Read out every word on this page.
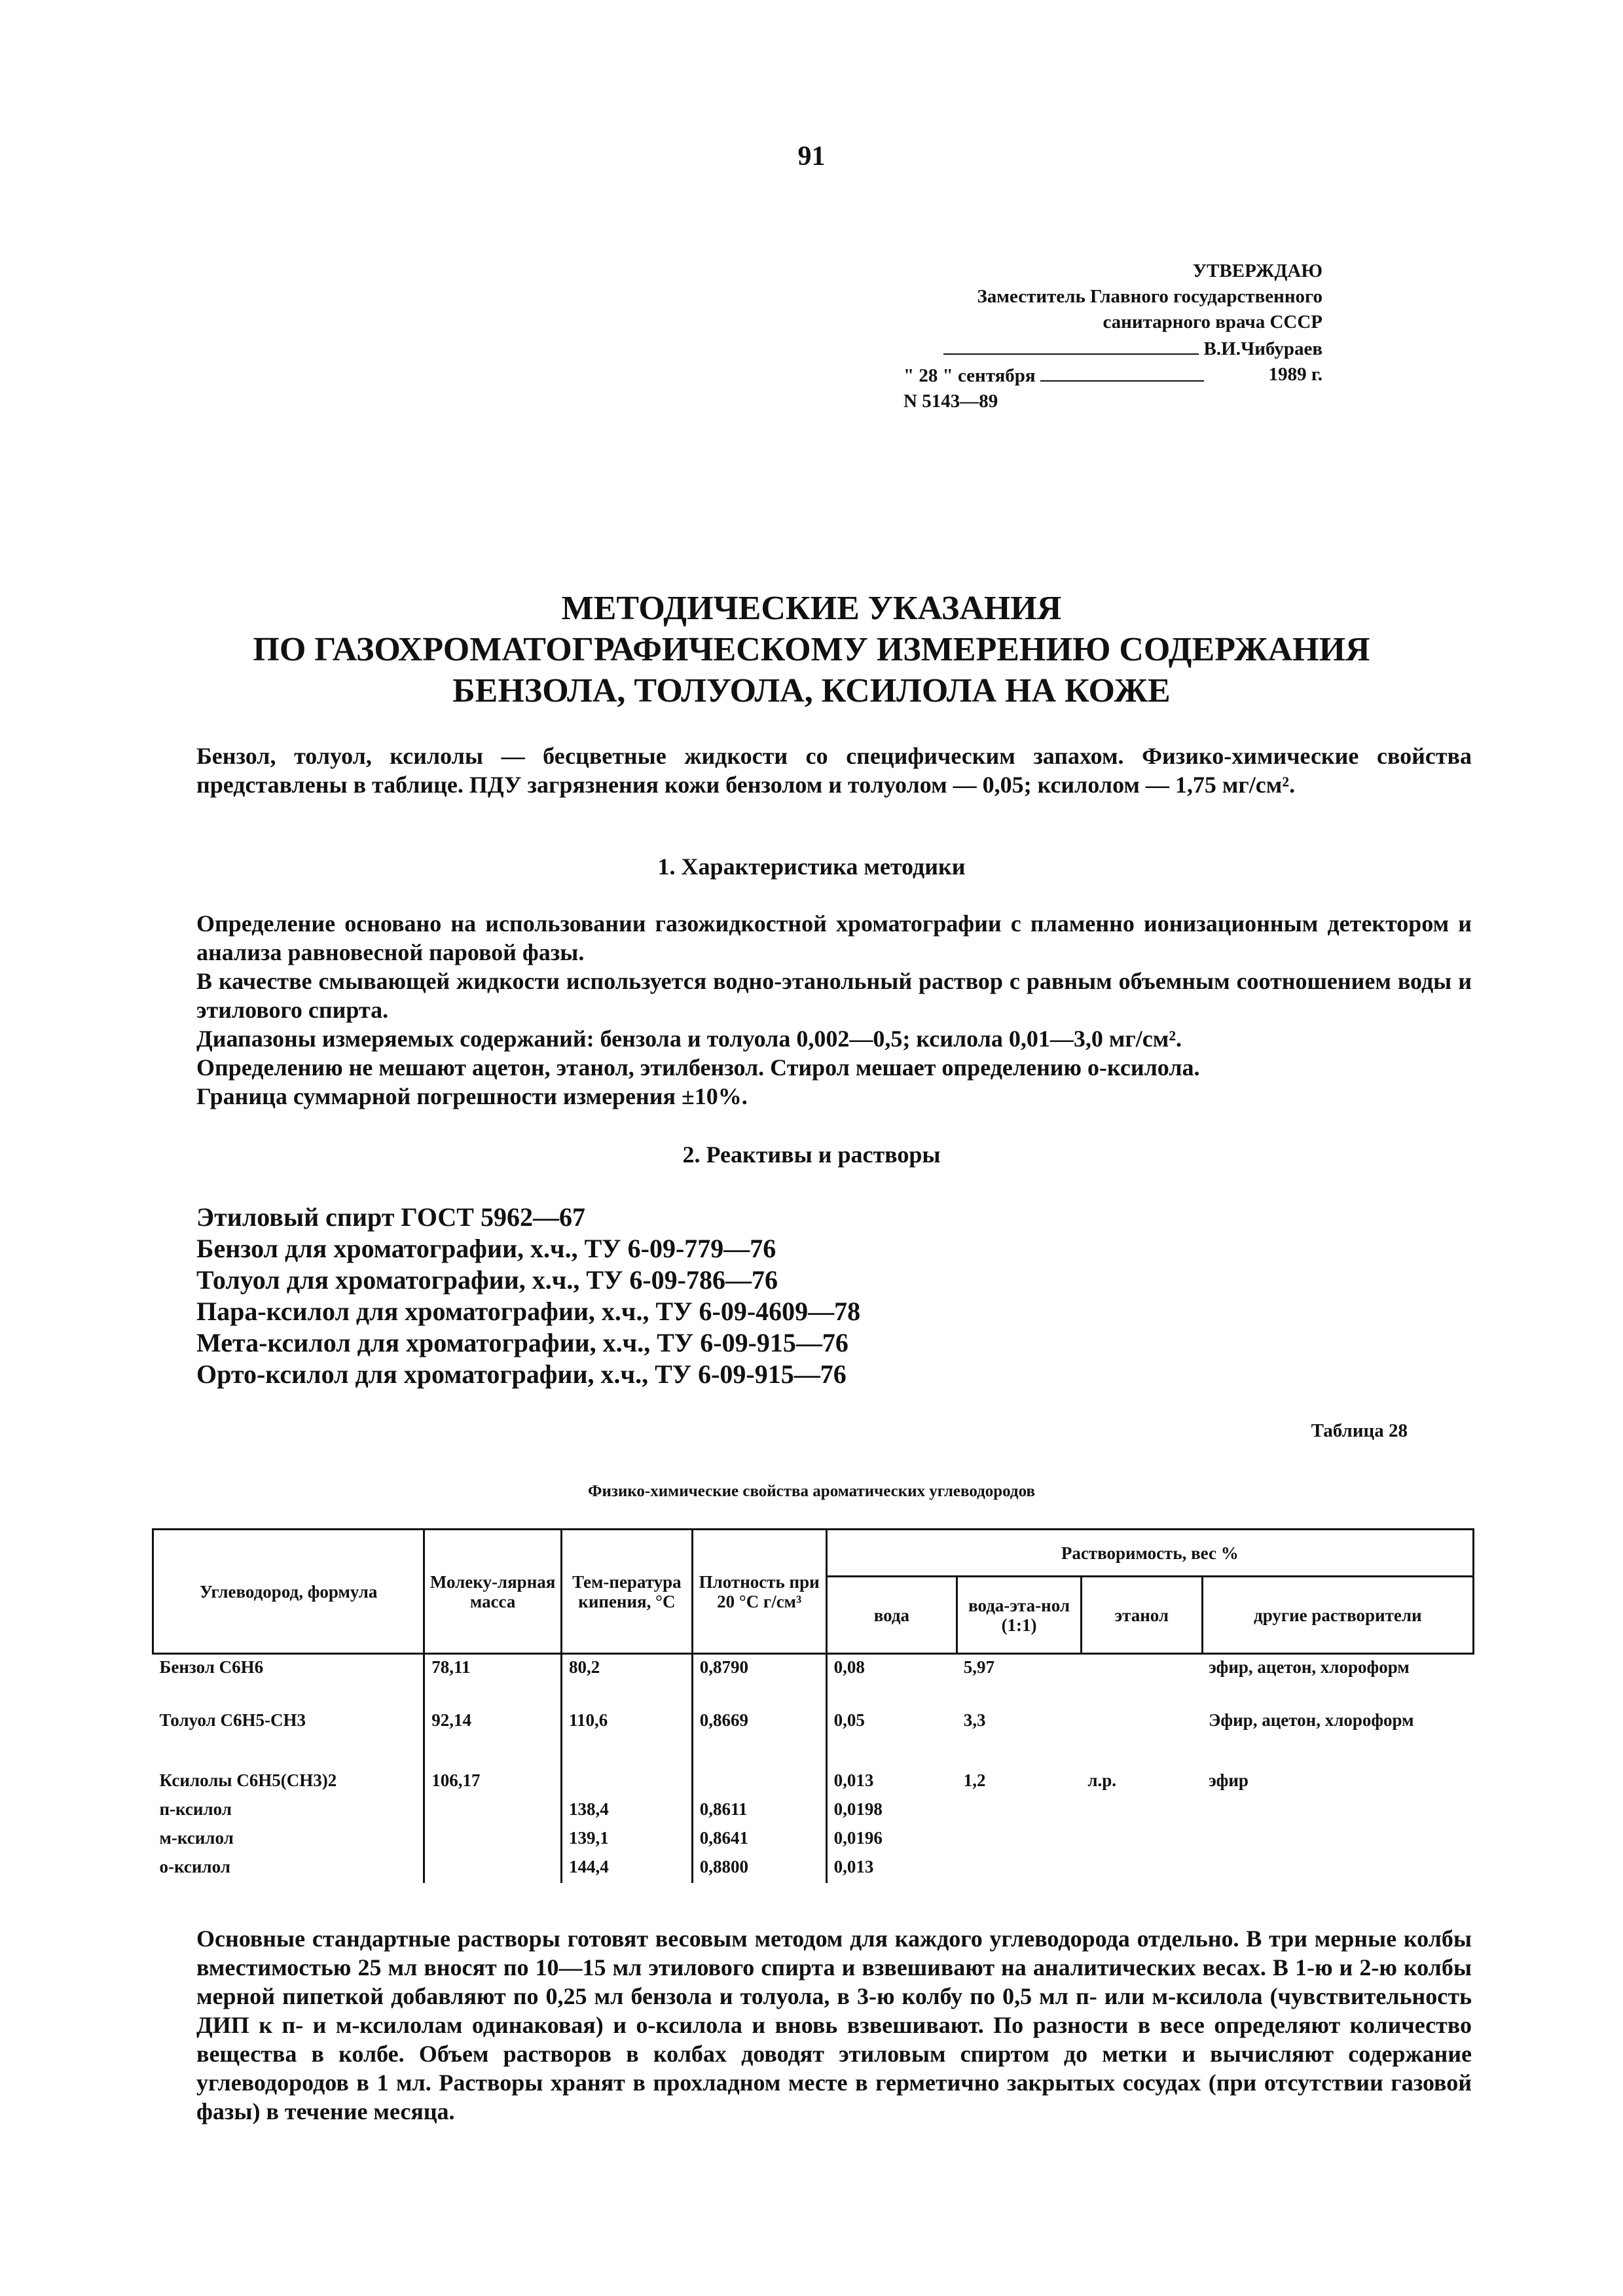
91
УТВЕРЖДАЮ
Заместитель Главного государственного
санитарного врача СССР
В.И.Чибураев
" 28 " сентября	1989 г.
N 5143—89
МЕТОДИЧЕСКИЕ УКАЗАНИЯ
ПО ГАЗОХРОМАТОГРАФИЧЕСКОМУ ИЗМЕРЕНИЮ СОДЕРЖАНИЯ
БЕНЗОЛА, ТОЛУОЛА, КСИЛОЛА НА КОЖЕ

Бензол, толуол, ксилолы — бесцветные жидкости со специфическим запахом. Физико-химические свойства представлены в таблице. ПДУ загрязнения кожи бензолом и толуолом — 0,05; ксилолом — 1,75 мг/см².

1. Характеристика методики

Определение основано на использовании газожидкостной хроматографии с пламенно ионизационным детектором и анализа равновесной паровой фазы.

В качестве смывающей жидкости используется водно-этанольный раствор с равным объемным соотношением воды и этилового спирта.

Диапазоны измеряемых содержаний: бензола и толуола 0,002—0,5; ксилола 0,01—3,0 мг/см².

Определению не мешают ацетон, этанол, этилбензол. Стирол мешает определению о-ксилола.

Граница суммарной погрешности измерения ±10%.

2. Реактивы и растворы
Этиловый спирт ГОСТ 5962—67
Бензол для хроматографии, х.ч., ТУ 6-09-779—76
Толуол для хроматографии, х.ч., ТУ 6-09-786—76
Пара-ксилол для хроматографии, х.ч., ТУ 6-09-4609—78
Мета-ксилол для хроматографии, х.ч., ТУ 6-09-915—76
Орто-ксилол для хроматографии, х.ч., ТУ 6-09-915—76
Таблица 28
Физико-химические свойства ароматических углеводородов
Углеводород, формула	Молеку-лярная масса	Тем-пература кипения, °С	Плотность при 20 °С г/см³	Растворимость, вес %			
				вода	вода-эта-нол (1:1)	этанол	другие растворители
Бензол С6Н6	78,11	80,2	0,8790	0,08	5,97		эфир, ацетон, хлороформ
Толуол С6Н5-СН3	92,14	110,6	0,8669	0,05	3,3		Эфир, ацетон, хлороформ
Ксилолы С6Н5(СН3)2	106,17			0,013	1,2	л.р.	эфир
п-ксилол		138,4	0,8611	0,0198			
м-ксилол		139,1	0,8641	0,0196			
о-ксилол		144,4	0,8800	0,013			

Основные стандартные растворы готовят весовым методом для каждого углеводорода отдельно. В три мерные колбы вместимостью 25 мл вносят по 10—15 мл этилового спирта и взвешивают на аналитических весах. В 1-ю и 2-ю колбы мерной пипеткой добавляют по 0,25 мл бензола и толуола, в 3-ю колбу по 0,5 мл п- или м-ксилола (чувствительность ДИП к п- и м-ксилолам одинаковая) и о-ксилола и вновь взвешивают. По разности в весе определяют количество вещества в колбе. Объем растворов в колбах доводят этиловым спиртом до метки и вычисляют содержание углеводородов в 1 мл. Растворы хранят в прохладном месте в герметично закрытых сосудах (при отсутствии газовой фазы) в течение месяца.
